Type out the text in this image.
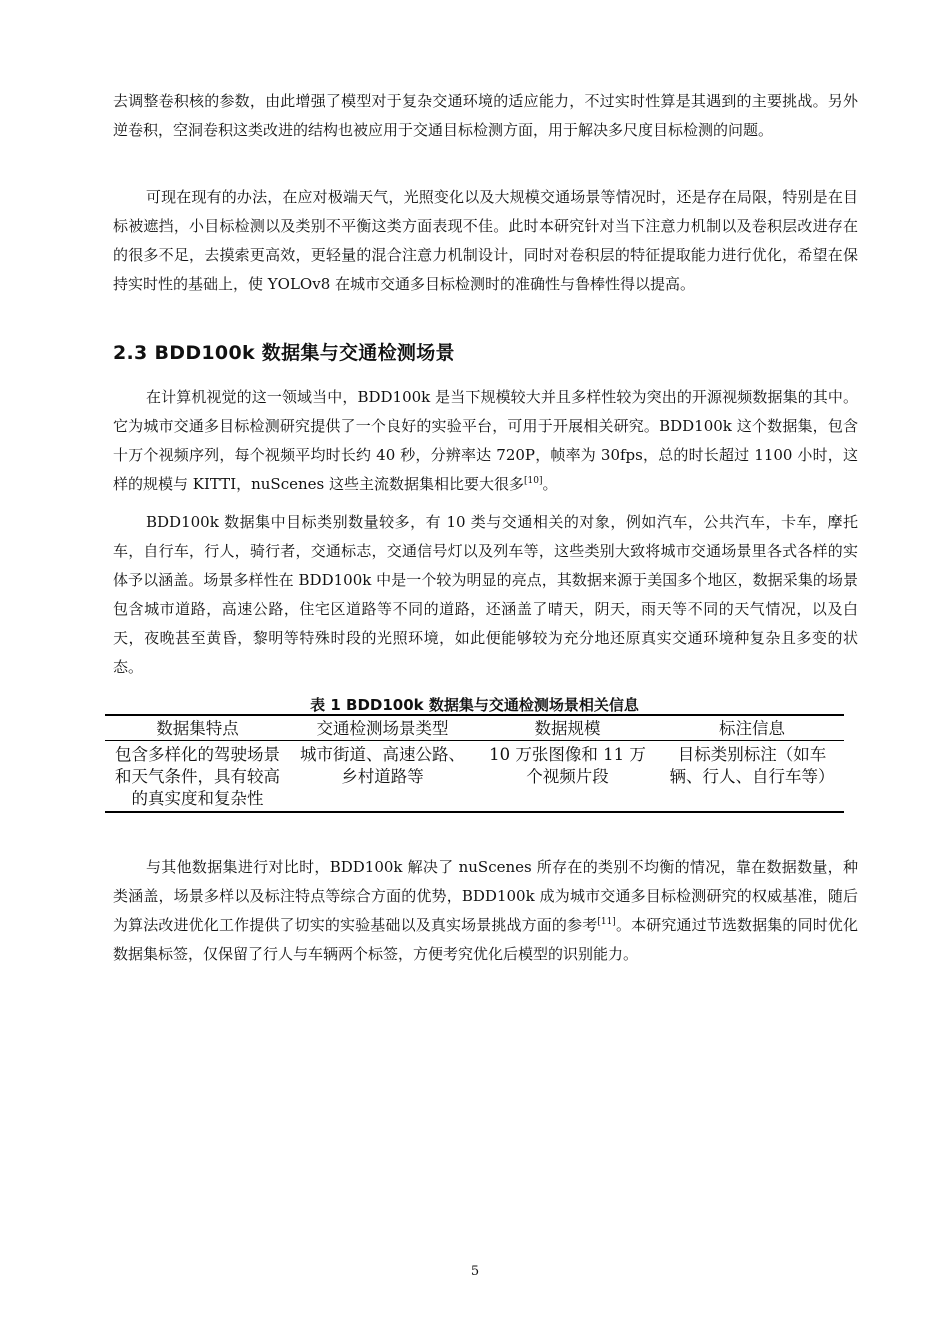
去调整卷积核的参数，由此增强了模型对于复杂交通环境的适应能力，不过实时性算是其遇到的主要挑战。另外逆卷积，空洞卷积这类改进的结构也被应用于交通目标检测方面，用于解决多尺度目标检测的问题。

可现在现有的办法，在应对极端天气，光照变化以及大规模交通场景等情况时，还是存在局限，特别是在目标被遮挡，小目标检测以及类别不平衡这类方面表现不佳。此时本研究针对当下注意力机制以及卷积层改进存在的很多不足，去摸索更高效，更轻量的混合注意力机制设计，同时对卷积层的特征提取能力进行优化，希望在保持实时性的基础上，使 YOLOv8 在城市交通多目标检测时的准确性与鲁棒性得以提高。

2.3 BDD100k 数据集与交通检测场景

在计算机视觉的这一领域当中，BDD100k 是当下规模较大并且多样性较为突出的开源视频数据集的其中。它为城市交通多目标检测研究提供了一个良好的实验平台，可用于开展相关研究。BDD100k 这个数据集，包含十万个视频序列，每个视频平均时长约 40 秒，分辨率达 720P，帧率为 30fps，总的时长超过 1100 小时，这样的规模与 KITTI，nuScenes 这些主流数据集相比要大很多[10]。

BDD100k 数据集中目标类别数量较多，有 10 类与交通相关的对象，例如汽车，公共汽车，卡车，摩托车，自行车，行人，骑行者，交通标志，交通信号灯以及列车等，这些类别大致将城市交通场景里各式各样的实体予以涵盖。场景多样性在 BDD100k 中是一个较为明显的亮点，其数据来源于美国多个地区，数据采集的场景包含城市道路，高速公路，住宅区道路等不同的道路，还涵盖了晴天，阴天，雨天等不同的天气情况，以及白天，夜晚甚至黄昏，黎明等特殊时段的光照环境，如此便能够较为充分地还原真实交通环境种复杂且多变的状态。

表 1 BDD100k 数据集与交通检测场景相关信息

数据集特点	交通检测场景类型	数据规模	标注信息
包含多样化的驾驶场景和天气条件，具有较高的真实度和复杂性	城市街道、高速公路、乡村道路等	10 万张图像和 11 万个视频片段	目标类别标注（如车辆、行人、自行车等）

与其他数据集进行对比时，BDD100k 解决了 nuScenes 所存在的类别不均衡的情况，靠在数据数量，种类涵盖，场景多样以及标注特点等综合方面的优势，BDD100k 成为城市交通多目标检测研究的权威基准，随后为算法改进优化工作提供了切实的实验基础以及真实场景挑战方面的参考[11]。本研究通过节选数据集的同时优化数据集标签，仅保留了行人与车辆两个标签，方便考究优化后模型的识别能力。

5
